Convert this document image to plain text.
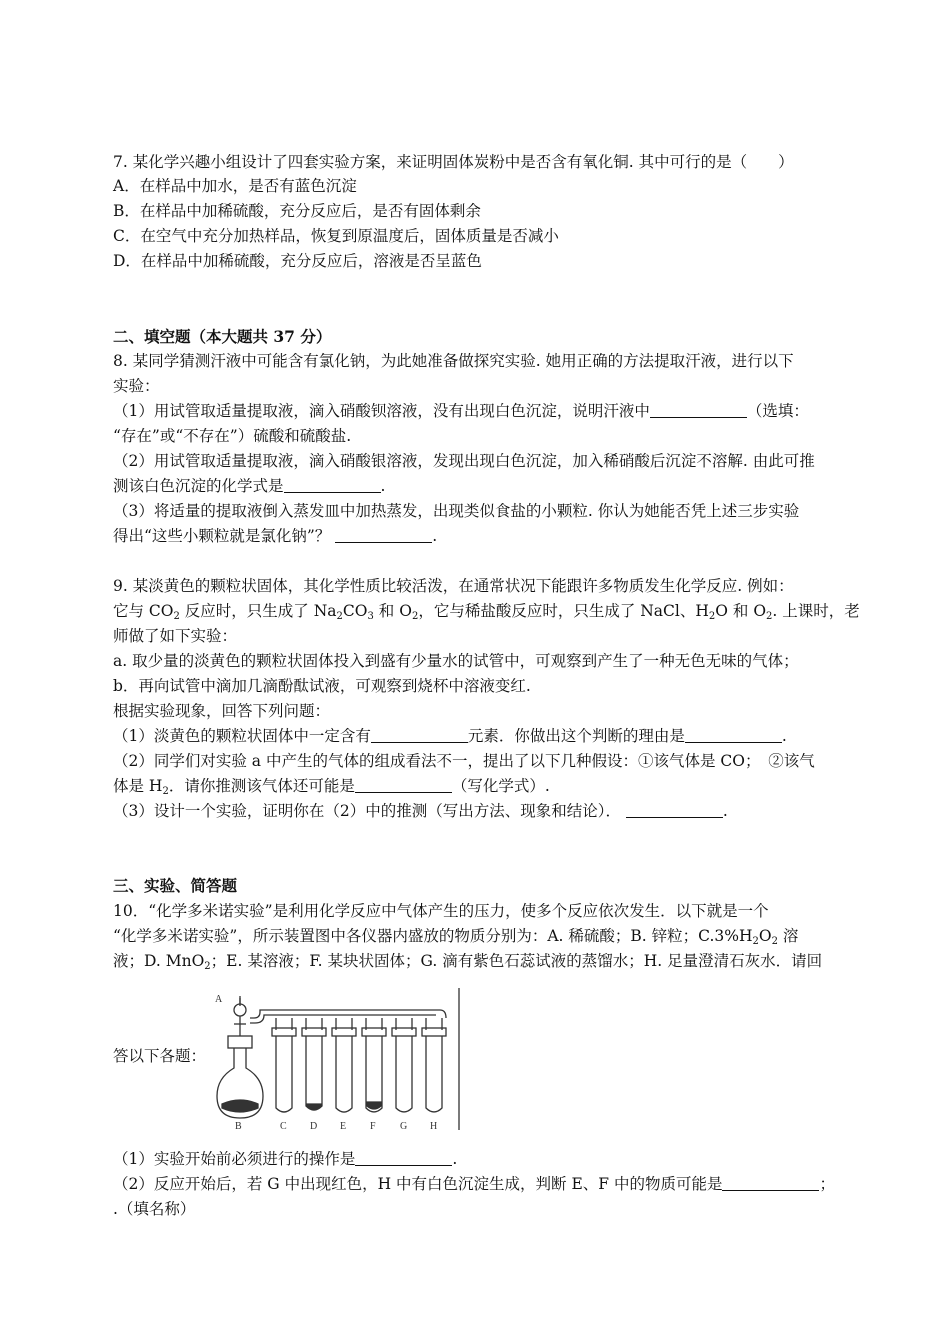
7. 某化学兴趣小组设计了四套实验方案，来证明固体炭粉中是否含有氧化铜. 其中可行的是（　　）
A．在样品中加水，是否有蓝色沉淀
B．在样品中加稀硫酸，充分反应后，是否有固体剩余
C．在空气中充分加热样品，恢复到原温度后，固体质量是否减小
D．在样品中加稀硫酸，充分反应后，溶液是否呈蓝色
二、填空题（本大题共 37 分）
8. 某同学猜测汗液中可能含有氯化钠，为此她准备做探究实验. 她用正确的方法提取汗液，进行以下
实验：
（1）用试管取适量提取液，滴入硝酸钡溶液，没有出现白色沉淀，说明汗液中	（选填：
“存在”或“不存在”）硫酸和硫酸盐.
（2）用试管取适量提取液，滴入硝酸银溶液，发现出现白色沉淀，加入稀硝酸后沉淀不溶解. 由此可推
测该白色沉淀的化学式是	.
（3）将适量的提取液倒入蒸发皿中加热蒸发，出现类似食盐的小颗粒. 你认为她能否凭上述三步实验
得出“这些小颗粒就是氯化钠”？	.
9. 某淡黄色的颗粒状固体，其化学性质比较活泼，在通常状况下能跟许多物质发生化学反应. 例如：
它与 $CO_2$ 反应时，只生成了 $Na_2CO_3$ 和 $O_2$，它与稀盐酸反应时，只生成了 NaCl、$H_2O$ 和 $O_2$. 上课时，老
师做了如下实验：
a. 取少量的淡黄色的颗粒状固体投入到盛有少量水的试管中，可观察到产生了一种无色无味的气体；
b．再向试管中滴加几滴酚酞试液，可观察到烧杯中溶液变红.
根据实验现象，回答下列问题：
（1）淡黄色的颗粒状固体中一定含有	元素．你做出这个判断的理由是	.
（2）同学们对实验 a 中产生的气体的组成看法不一，提出了以下几种假设：①该气体是 CO；　②该气
体是 $H_2$．请你推测该气体还可能是	（写化学式）.
（3）设计一个实验，证明你在（2）中的推测（写出方法、现象和结论）．	.
三、实验、简答题
10．“化学多米诺实验”是利用化学反应中气体产生的压力，使多个反应依次发生．以下就是一个
“化学多米诺实验”，所示装置图中各仪器内盛放的物质分别为：A. 稀硫酸；B. 锌粒；$C.3\%H_2O_2$ 溶
液；D. MnO$_2$；E. 某溶液；F. 某块状固体；G. 滴有紫色石蕊试液的蒸馏水；H. 足量澄清石灰水．请回
答以下各题：
（1）实验开始前必须进行的操作是	.
（2）反应开始后，若 G 中出现红色，H 中有白色沉淀生成，判断 E、F 中的物质可能是	；
.（填名称）
A
B	C D E F G H
